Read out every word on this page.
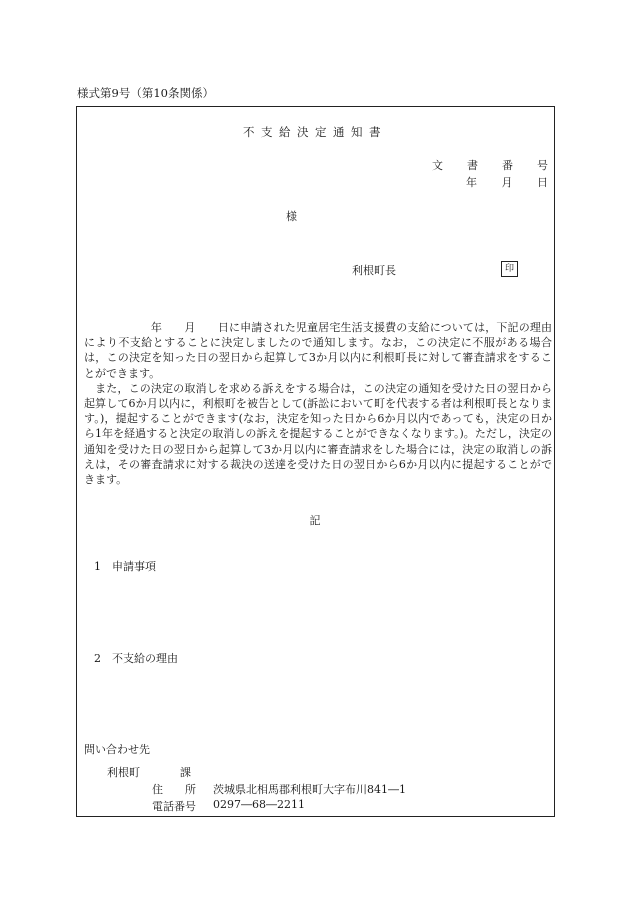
様式第9号（第10条関係）
不支給決定通知書
文 書 番 号
年 月 日
様
利根町長	印

　　　　　　年　　月　　日に申請された児童居宅生活支援費の支給については，下記の理由により不支給とすることに決定しましたので通知します。なお，この決定に不服がある場合は，この決定を知った日の翌日から起算して3か月以内に利根町長に対して審査請求をすることができます。

　また，この決定の取消しを求める訴えをする場合は，この決定の通知を受けた日の翌日から起算して6か月以内に，利根町を被告として(訴訟において町を代表する者は利根町長となります。)，提起することができます(なお，決定を知った日から6か月以内であっても，決定の日から1年を経過すると決定の取消しの訴えを提起することができなくなります。)。ただし，決定の通知を受けた日の翌日から起算して3か月以内に審査請求をした場合には，決定の取消しの訴えは，その審査請求に対する裁決の送達を受けた日の翌日から6か月以内に提起することができます。

記
1　申請事項
2　不支給の理由
問い合わせ先
利根町	課
住 所 茨城県北相馬郡利根町大字布川841―1
電話番号 0297―68―2211
